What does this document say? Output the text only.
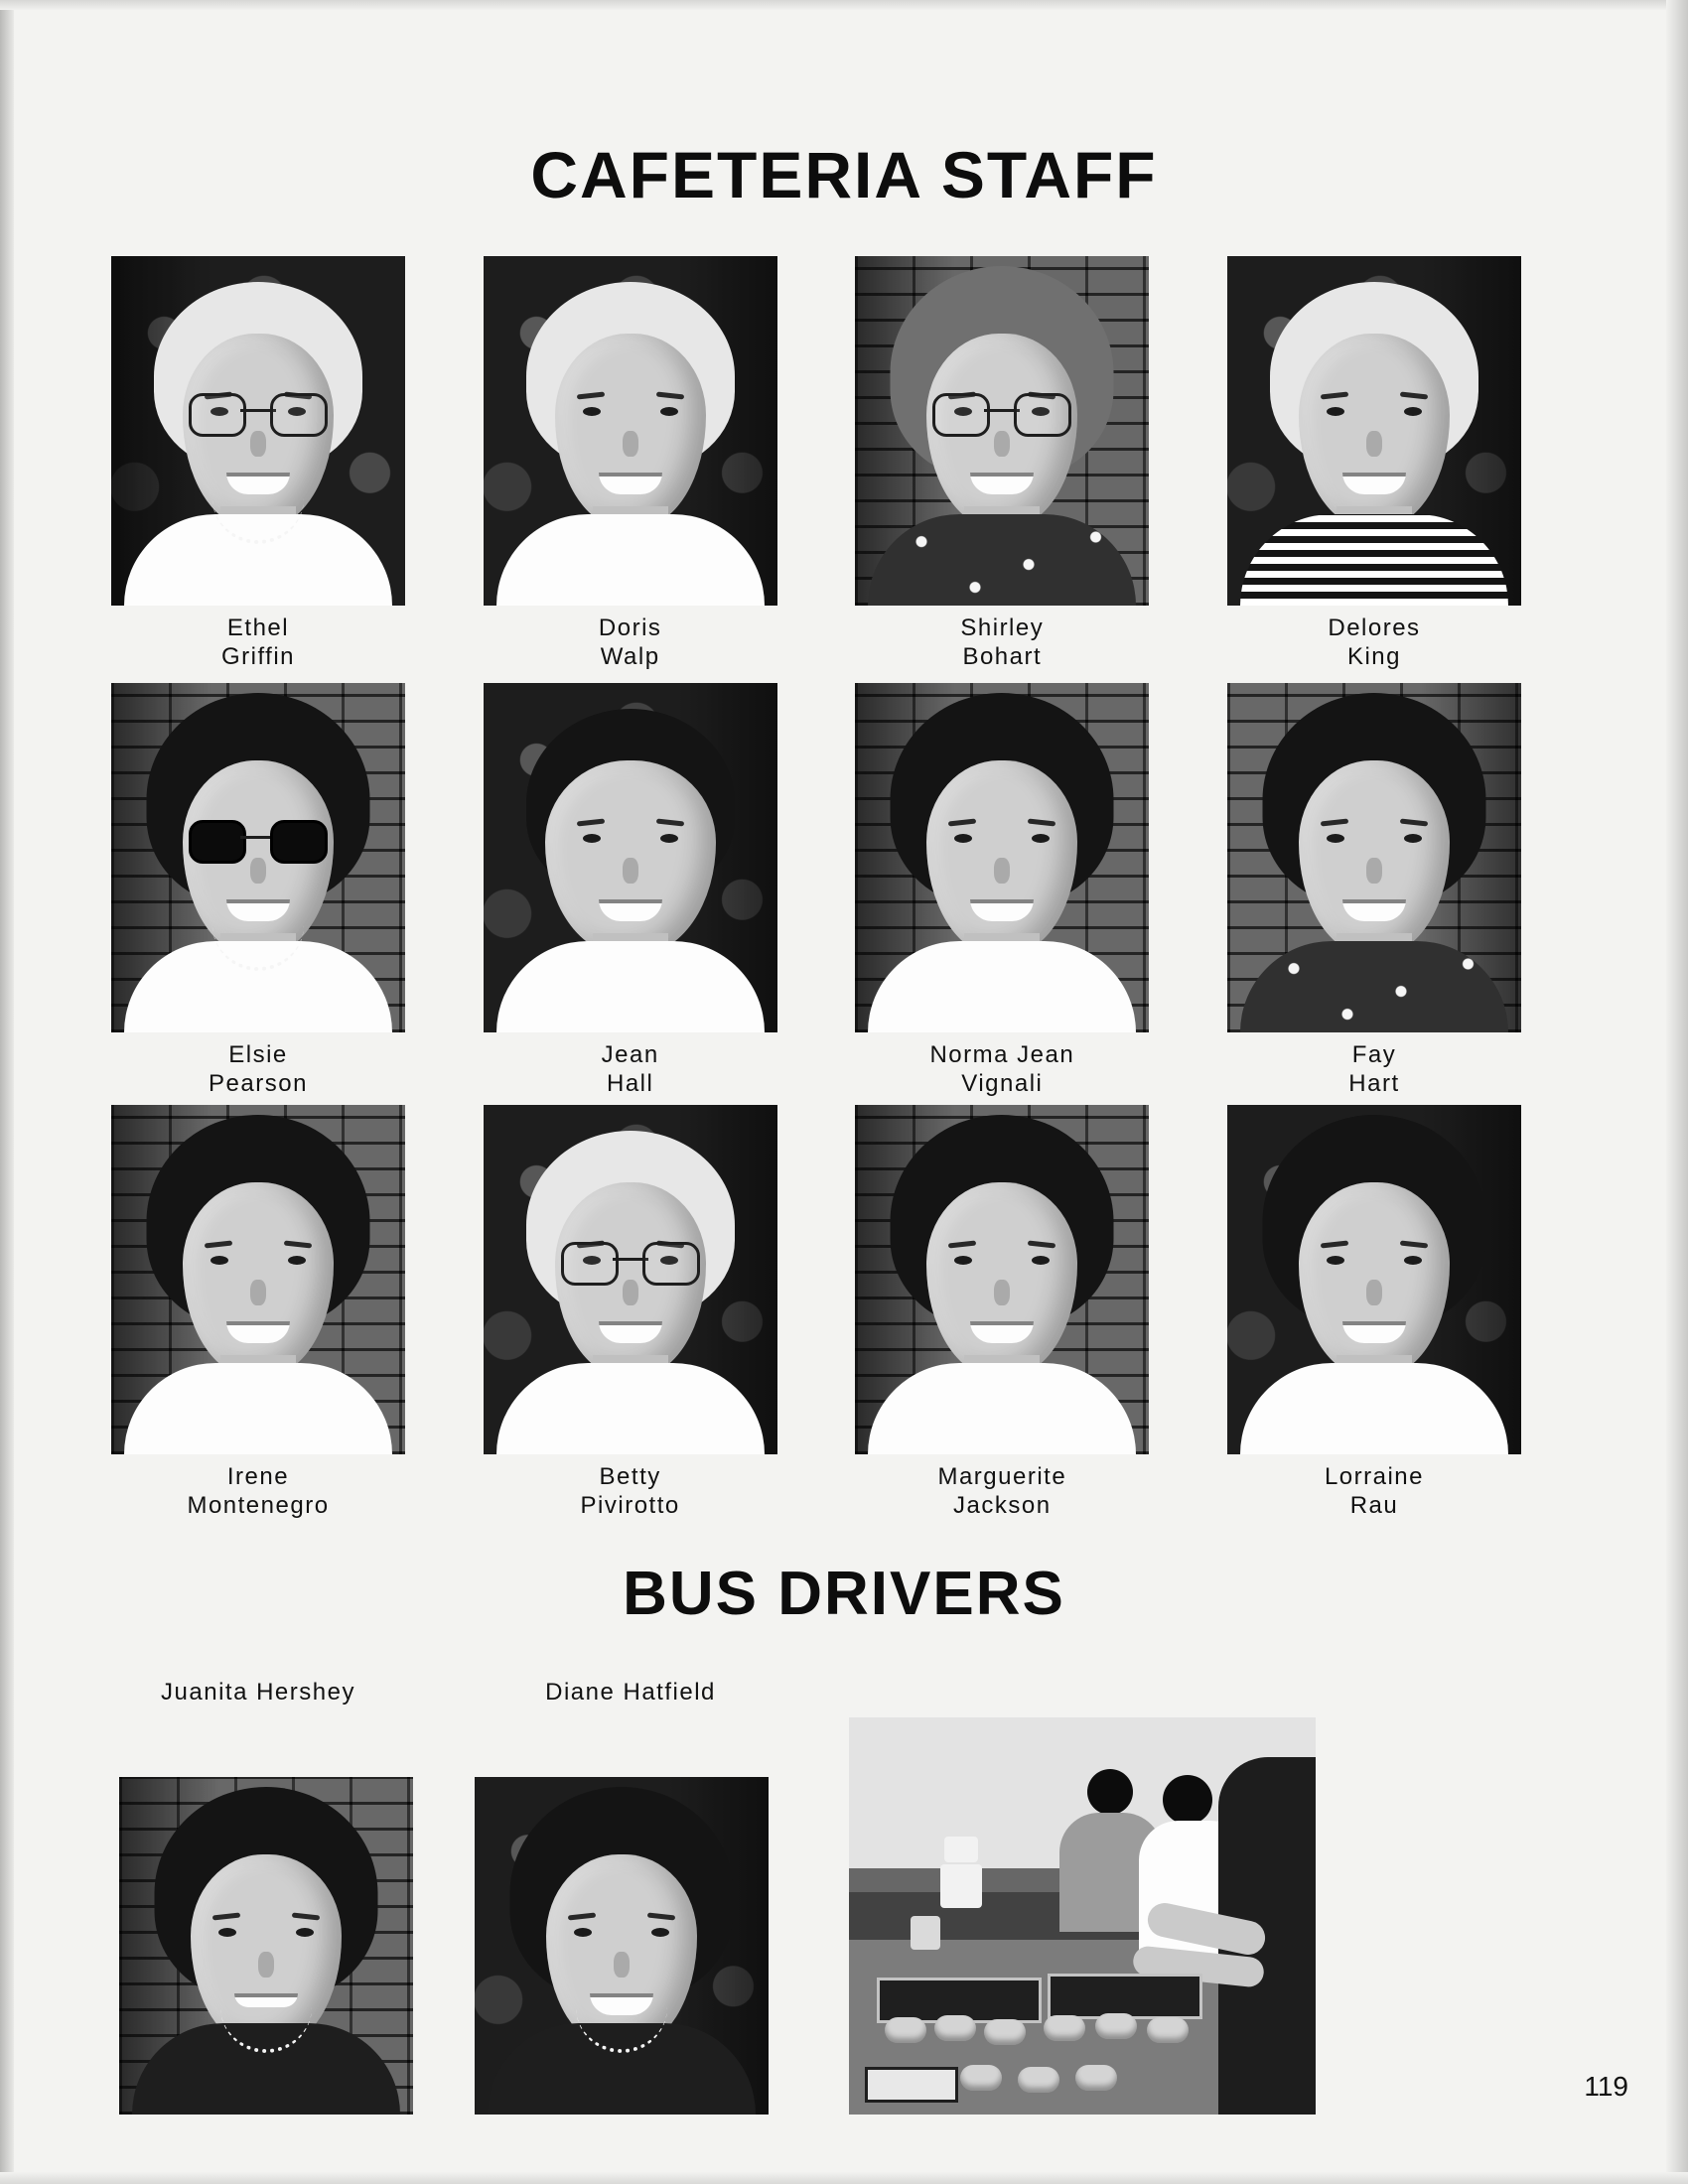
CAFETERIA STAFF
Ethel
Griffin
Doris
Walp
Shirley
Bohart
Delores
King
Elsie
Pearson
Jean
Hall
Norma Jean
Vignali
Fay
Hart
Irene
Montenegro
Betty
Pivirotto
Marguerite
Jackson
Lorraine
Rau
BUS DRIVERS
Juanita Hershey	Diane Hatfield
119
